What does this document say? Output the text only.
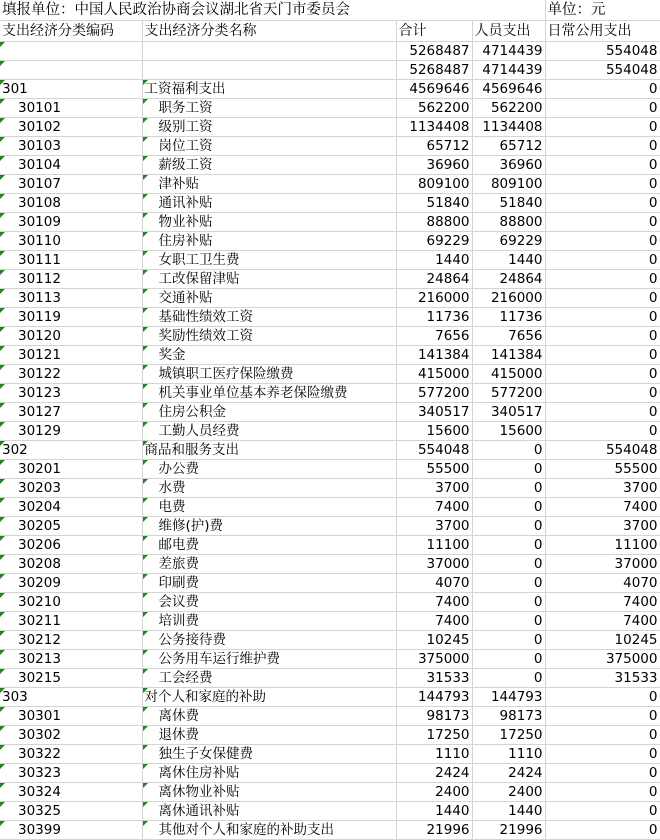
填报单位：中国人民政治协商会议湖北省天门市委员会				单位：元
支出经济分类编码	支出经济分类名称	合计	人员支出	日常公用支出
		5268487	4714439	554048
		5268487	4714439	554048
301	工资福利支出	4569646	4569646	0
30101	职务工资	562200	562200	0
30102	级别工资	1134408	1134408	0
30103	岗位工资	65712	65712	0
30104	薪级工资	36960	36960	0
30107	津补贴	809100	809100	0
30108	通讯补贴	51840	51840	0
30109	物业补贴	88800	88800	0
30110	住房补贴	69229	69229	0
30111	女职工卫生费	1440	1440	0
30112	工改保留津贴	24864	24864	0
30113	交通补贴	216000	216000	0
30119	基础性绩效工资	11736	11736	0
30120	奖励性绩效工资	7656	7656	0
30121	奖金	141384	141384	0
30122	城镇职工医疗保险缴费	415000	415000	0
30123	机关事业单位基本养老保险缴费	577200	577200	0
30127	住房公积金	340517	340517	0
30129	工勤人员经费	15600	15600	0
302	商品和服务支出	554048	0	554048
30201	办公费	55500	0	55500
30203	水费	3700	0	3700
30204	电费	7400	0	7400
30205	维修(护)费	3700	0	3700
30206	邮电费	11100	0	11100
30208	差旅费	37000	0	37000
30209	印刷费	4070	0	4070
30210	会议费	7400	0	7400
30211	培训费	7400	0	7400
30212	公务接待费	10245	0	10245
30213	公务用车运行维护费	375000	0	375000
30215	工会经费	31533	0	31533
303	对个人和家庭的补助	144793	144793	0
30301	离休费	98173	98173	0
30302	退休费	17250	17250	0
30322	独生子女保健费	1110	1110	0
30323	离休住房补贴	2424	2424	0
30324	离休物业补贴	2400	2400	0
30325	离休通讯补贴	1440	1440	0
30399	其他对个人和家庭的补助支出	21996	21996	0
